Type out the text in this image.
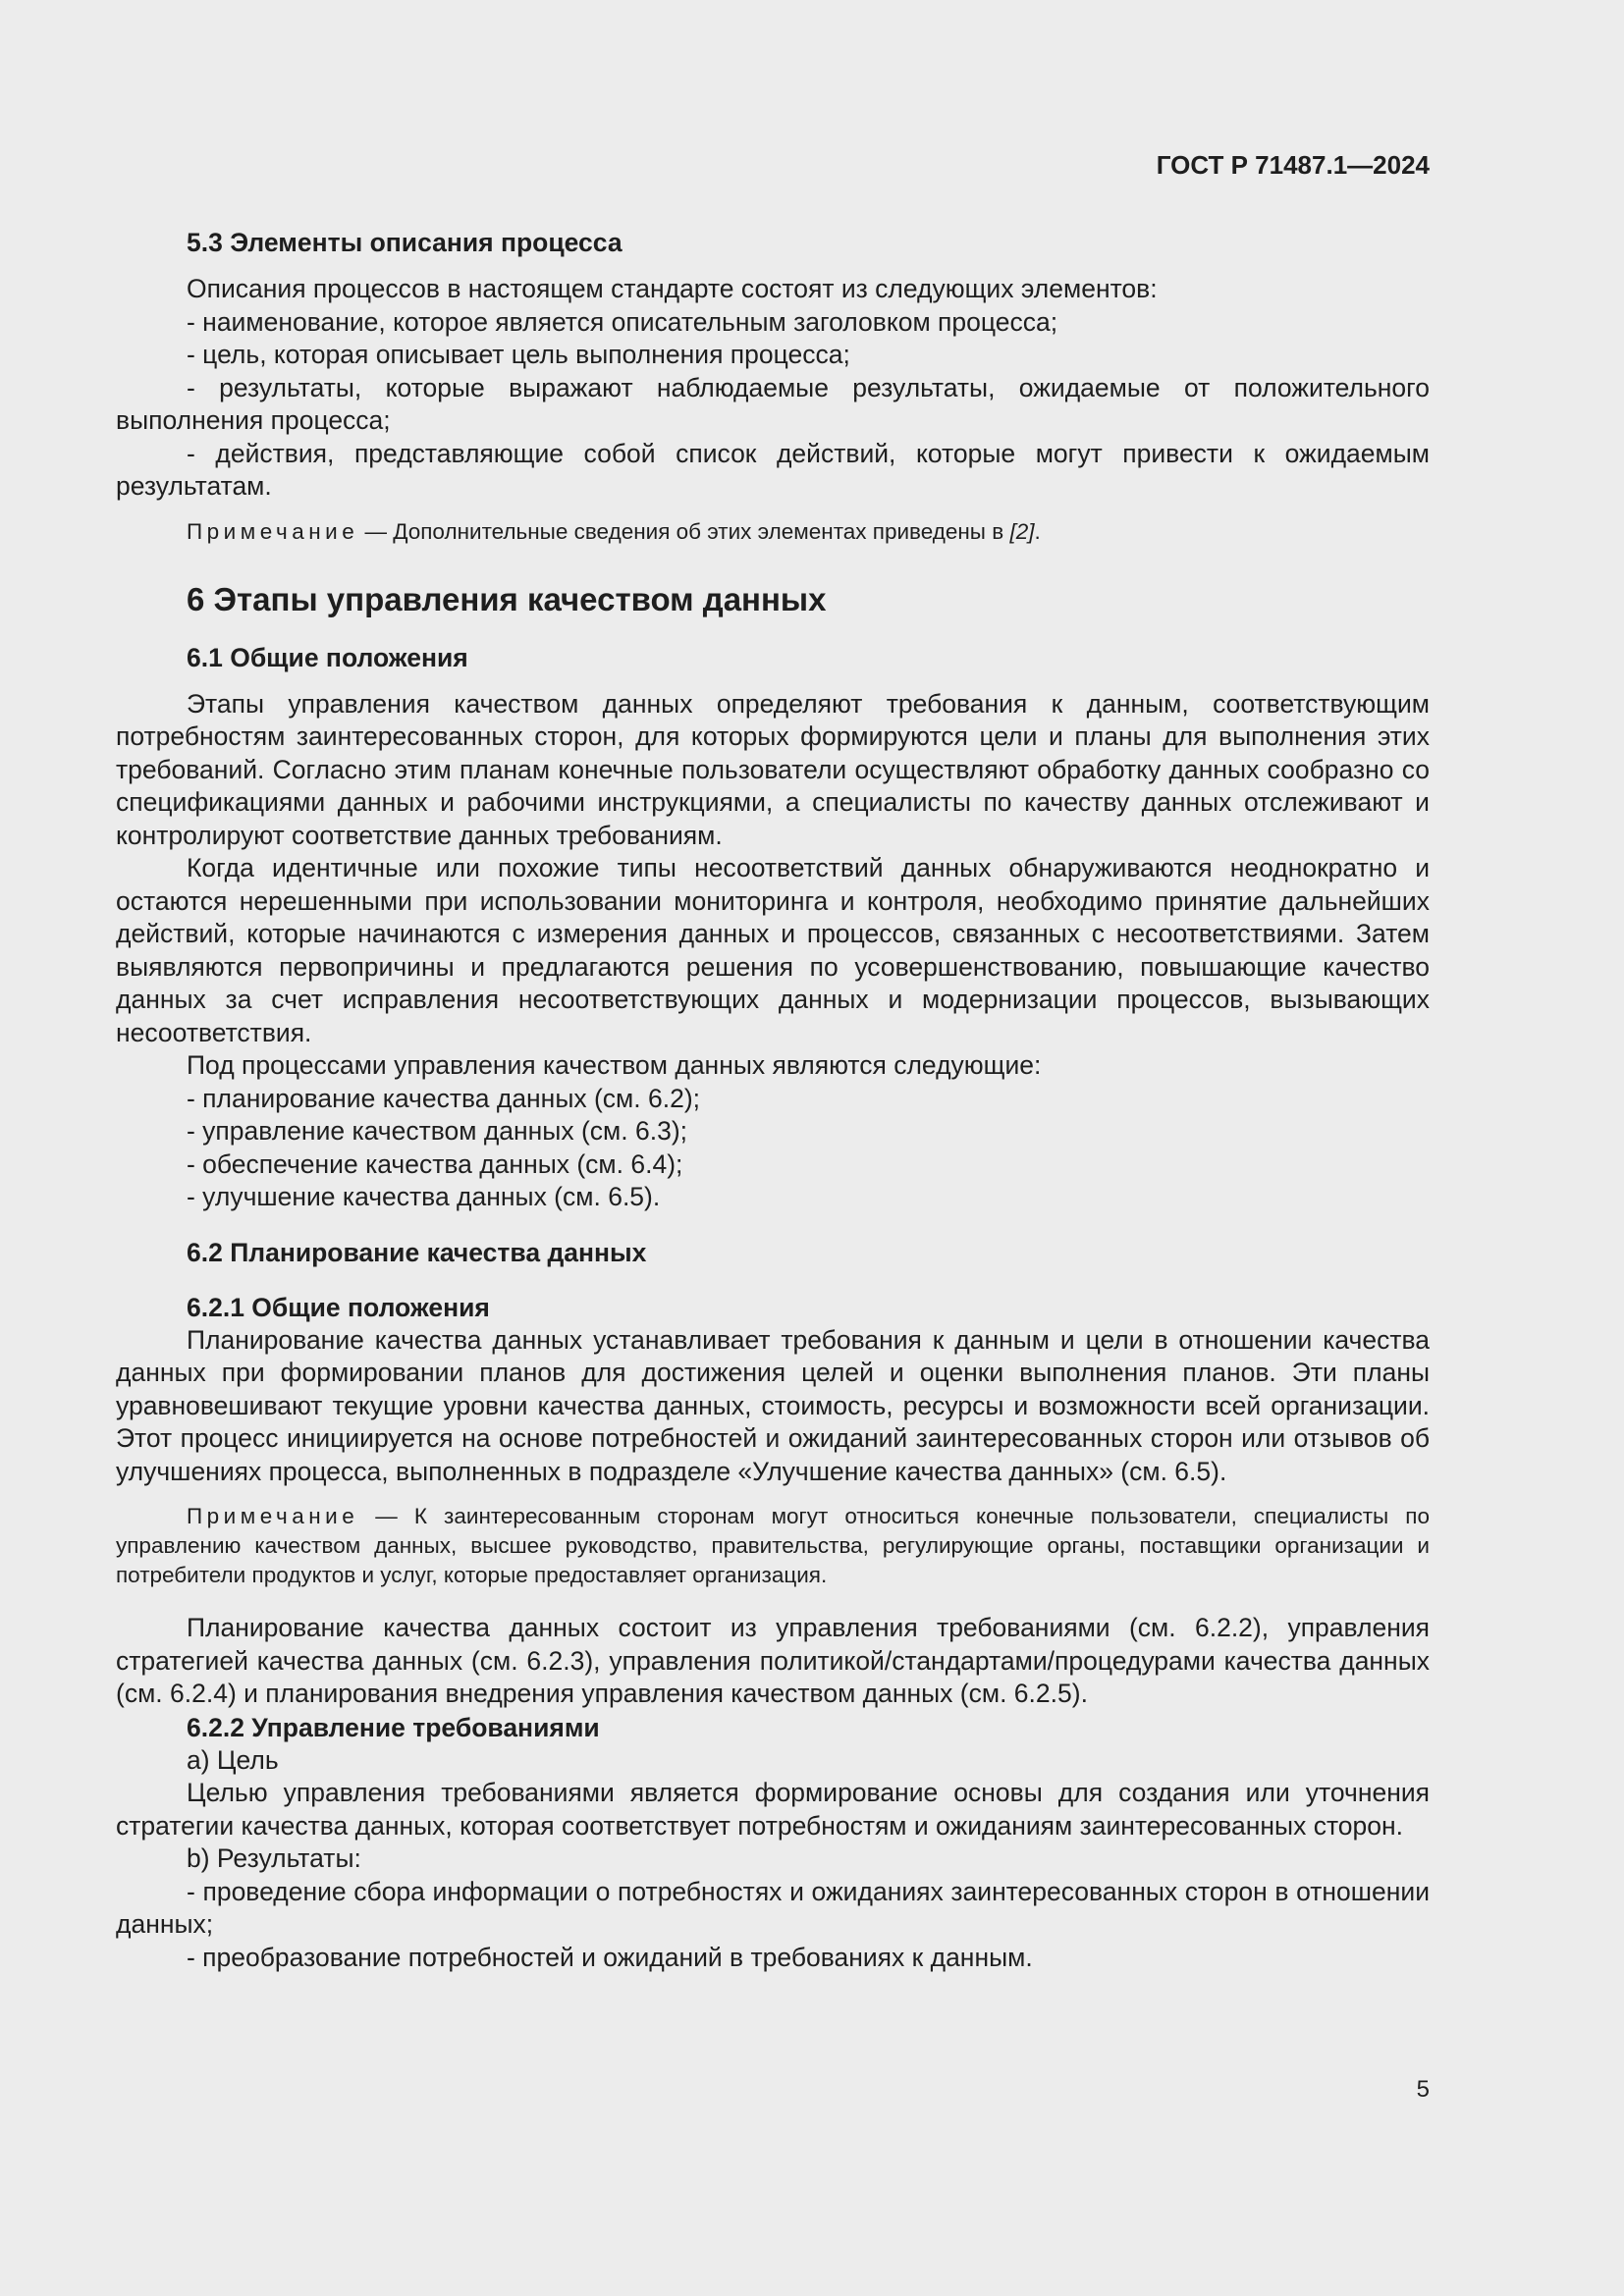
ГОСТ Р 71487.1—2024
5.3 Элементы описания процесса

Описания процессов в настоящем стандарте состоят из следующих элементов:

- наименование, которое является описательным заголовком процесса;

- цель, которая описывает цель выполнения процесса;

- результаты, которые выражают наблюдаемые результаты, ожидаемые от положительного выполнения процесса;

- действия, представляющие собой список действий, которые могут привести к ожидаемым результатам.

Примечание — Дополнительные сведения об этих элементах приведены в [2].

6 Этапы управления качеством данных
6.1 Общие положения

Этапы управления качеством данных определяют требования к данным, соответствующим потребностям заинтересованных сторон, для которых формируются цели и планы для выполнения этих требований. Согласно этим планам конечные пользователи осуществляют обработку данных сообразно со спецификациями данных и рабочими инструкциями, а специалисты по качеству данных отслеживают и контролируют соответствие данных требованиям.

Когда идентичные или похожие типы несоответствий данных обнаруживаются неоднократно и остаются нерешенными при использовании мониторинга и контроля, необходимо принятие дальнейших действий, которые начинаются с измерения данных и процессов, связанных с несоответствиями. Затем выявляются первопричины и предлагаются решения по усовершенствованию, повышающие качество данных за счет исправления несоответствующих данных и модернизации процессов, вызывающих несоответствия.

Под процессами управления качеством данных являются следующие:

- планирование качества данных (см. 6.2);

- управление качеством данных (см. 6.3);

- обеспечение качества данных (см. 6.4);

- улучшение качества данных (см. 6.5).

6.2 Планирование качества данных
6.2.1 Общие положения

Планирование качества данных устанавливает требования к данным и цели в отношении качества данных при формировании планов для достижения целей и оценки выполнения планов. Эти планы уравновешивают текущие уровни качества данных, стоимость, ресурсы и возможности всей организации. Этот процесс инициируется на основе потребностей и ожиданий заинтересованных сторон или отзывов об улучшениях процесса, выполненных в подразделе «Улучшение качества данных» (см. 6.5).

Примечание — К заинтересованным сторонам могут относиться конечные пользователи, специалисты по управлению качеством данных, высшее руководство, правительства, регулирующие органы, поставщики организации и потребители продуктов и услуг, которые предоставляет организация.

Планирование качества данных состоит из управления требованиями (см. 6.2.2), управления стратегией качества данных (см. 6.2.3), управления политикой/стандартами/процедурами качества данных (см. 6.2.4) и планирования внедрения управления качеством данных (см. 6.2.5).

6.2.2 Управление требованиями

a) Цель

Целью управления требованиями является формирование основы для создания или уточнения стратегии качества данных, которая соответствует потребностям и ожиданиям заинтересованных сторон.

b) Результаты:

- проведение сбора информации о потребностях и ожиданиях заинтересованных сторон в отношении данных;

- преобразование потребностей и ожиданий в требованиях к данным.

5
